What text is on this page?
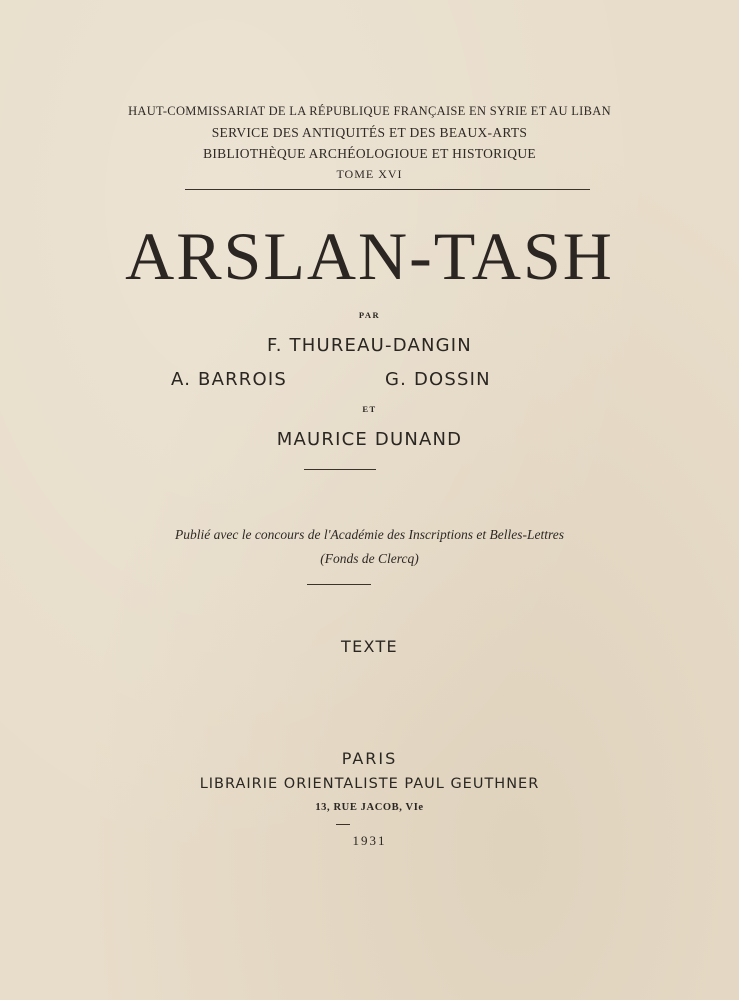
HAUT-COMMISSARIAT DE LA RÉPUBLIQUE FRANÇAISE EN SYRIE ET AU LIBAN
SERVICE DES ANTIQUITÉS ET DES BEAUX-ARTS
BIBLIOTHÈQUE ARCHÉOLOGIOUE ET HISTORIQUE
TOME XVI
ARSLAN-TASH
PAR
F. THUREAU-DANGIN
A. BARROIS	G. DOSSIN
ET
MAURICE DUNAND
Publié avec le concours de l'Académie des Inscriptions et Belles-Lettres
(Fonds de Clercq)
TEXTE
PARIS
LIBRAIRIE ORIENTALISTE PAUL GEUTHNER
13, RUE JACOB, VIe
1931
